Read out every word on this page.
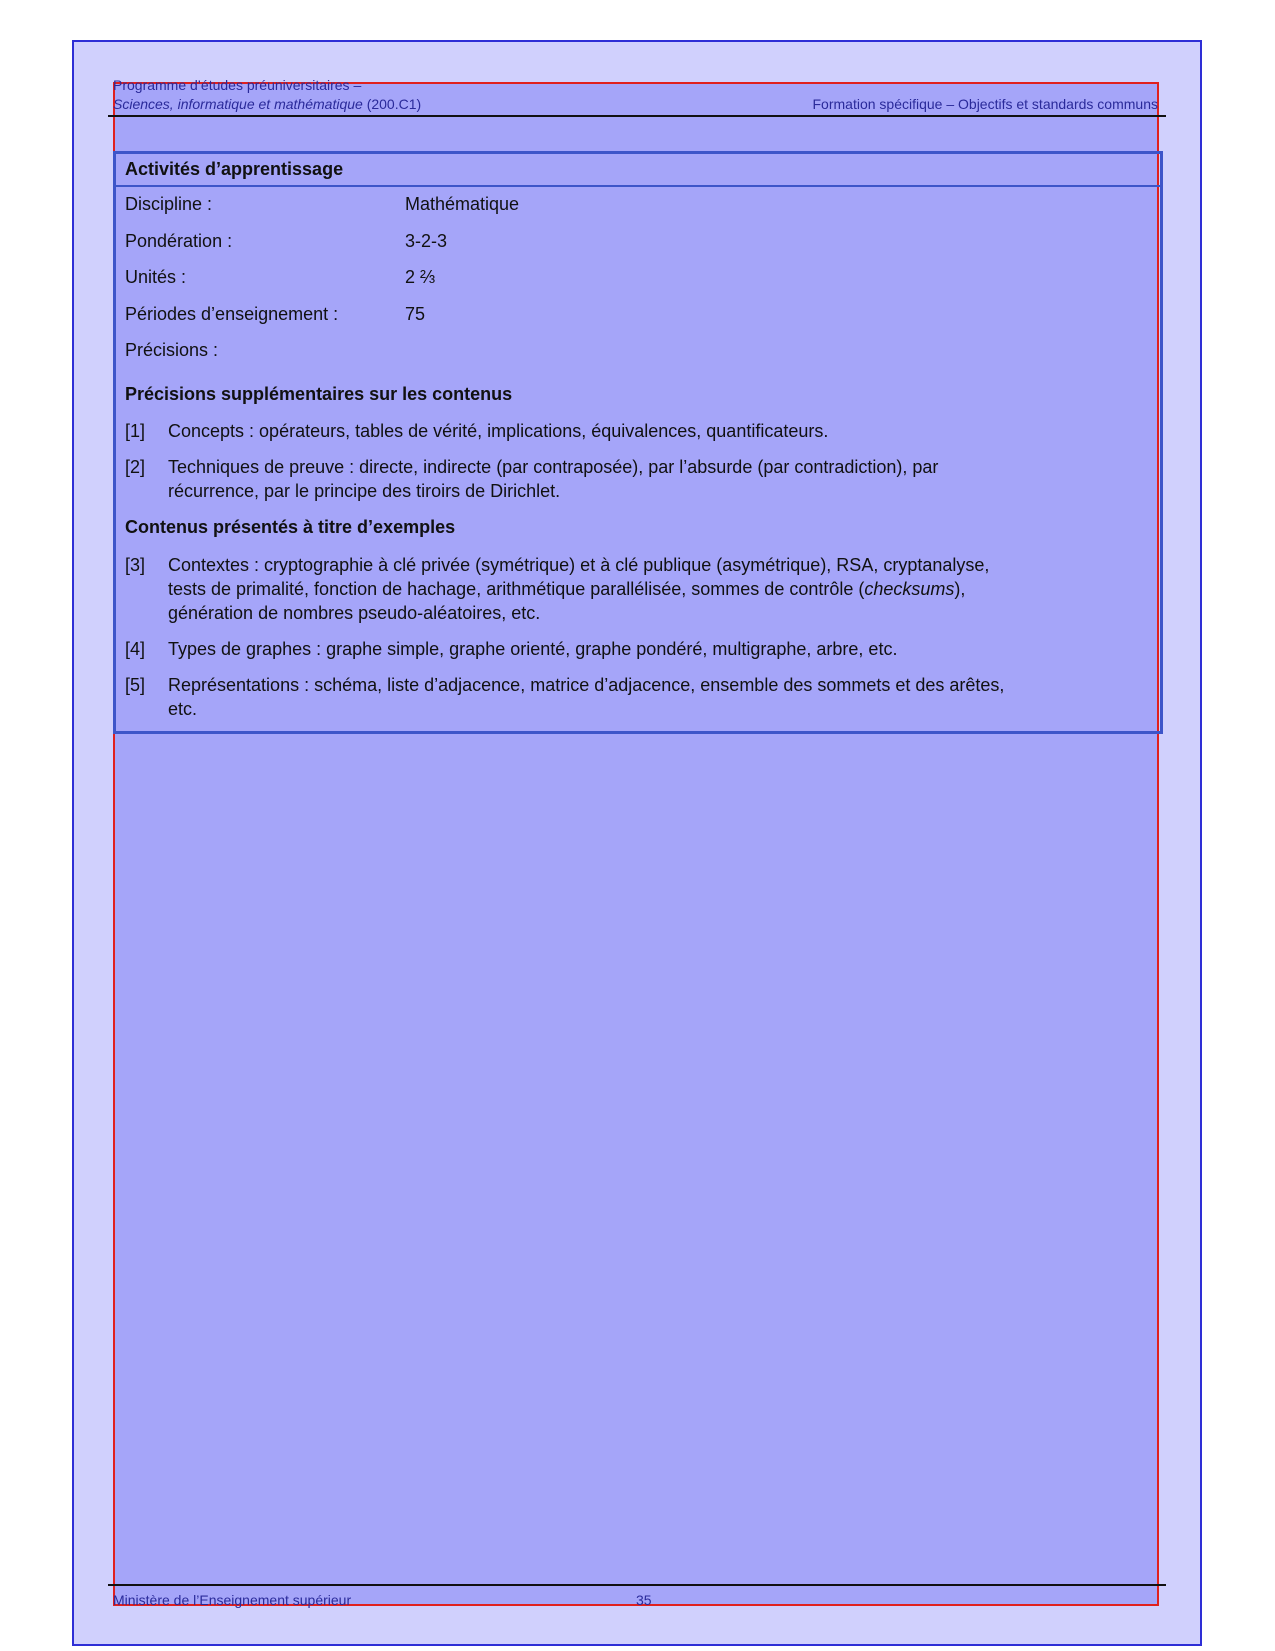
Programme d’études préuniversitaires –
Sciences, informatique et mathématique (200.C1)	Formation spécifique – Objectifs et standards communs
Activités d’apprentissage
Discipline :	Mathématique
Pondération :	3-2-3
Unités :	2 ⅔
Périodes d’enseignement :	75
Précisions :
Précisions supplémentaires sur les contenus
[1] Concepts : opérateurs, tables de vérité, implications, équivalences, quantificateurs.
[2] Techniques de preuve : directe, indirecte (par contraposée), par l’absurde (par contradiction), par
récurrence, par le principe des tiroirs de Dirichlet.
Contenus présentés à titre d’exemples
[3] Contextes : cryptographie à clé privée (symétrique) et à clé publique (asymétrique), RSA, cryptanalyse,
tests de primalité, fonction de hachage, arithmétique parallélisée, sommes de contrôle (checksums),
génération de nombres pseudo-aléatoires, etc.
[4] Types de graphes : graphe simple, graphe orienté, graphe pondéré, multigraphe, arbre, etc.
[5] Représentations : schéma, liste d’adjacence, matrice d’adjacence, ensemble des sommets et des arêtes,
etc.
Ministère de l’Enseignement supérieur	35
